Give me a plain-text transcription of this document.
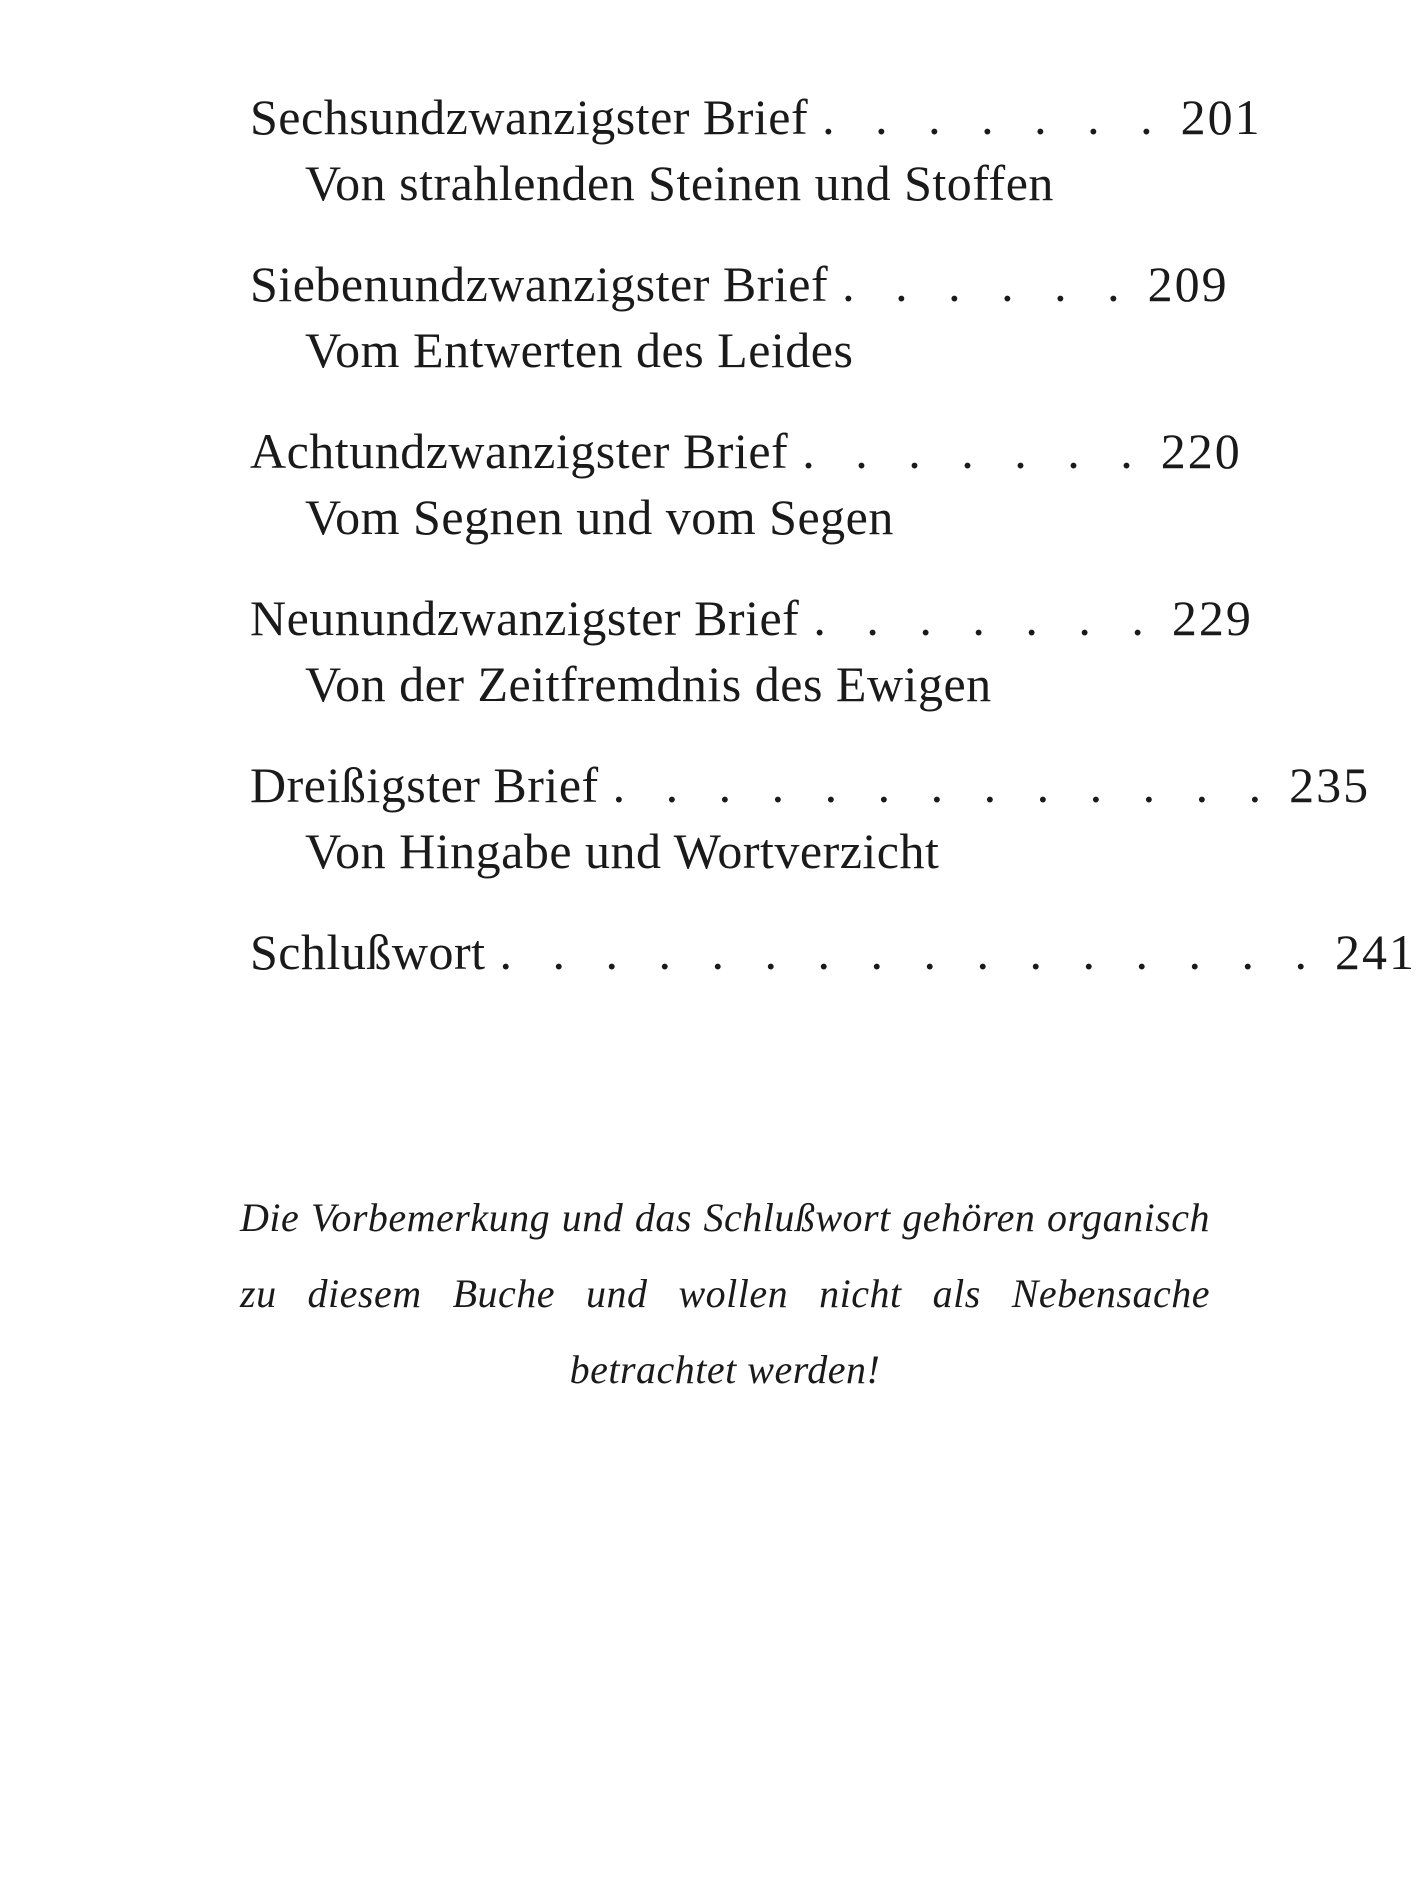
Sechsundzwanzigster Brief . . . . . . . 201
Von strahlenden Steinen und Stoffen
Siebenundzwanzigster Brief . . . . . . 209
Vom Entwerten des Leides
Achtundzwanzigster Brief . . . . . . . 220
Vom Segnen und vom Segen
Neunundzwanzigster Brief . . . . . . . 229
Von der Zeitfremdnis des Ewigen
Dreißigster Brief . . . . . . . . . . . . . 235
Von Hingabe und Wortverzicht
Schlußwort . . . . . . . . . . . . . . . . 241

Die Vorbemerkung und das Schlußwort gehören organisch zu diesem Buche und wollen nicht als Nebensache betrachtet werden!
